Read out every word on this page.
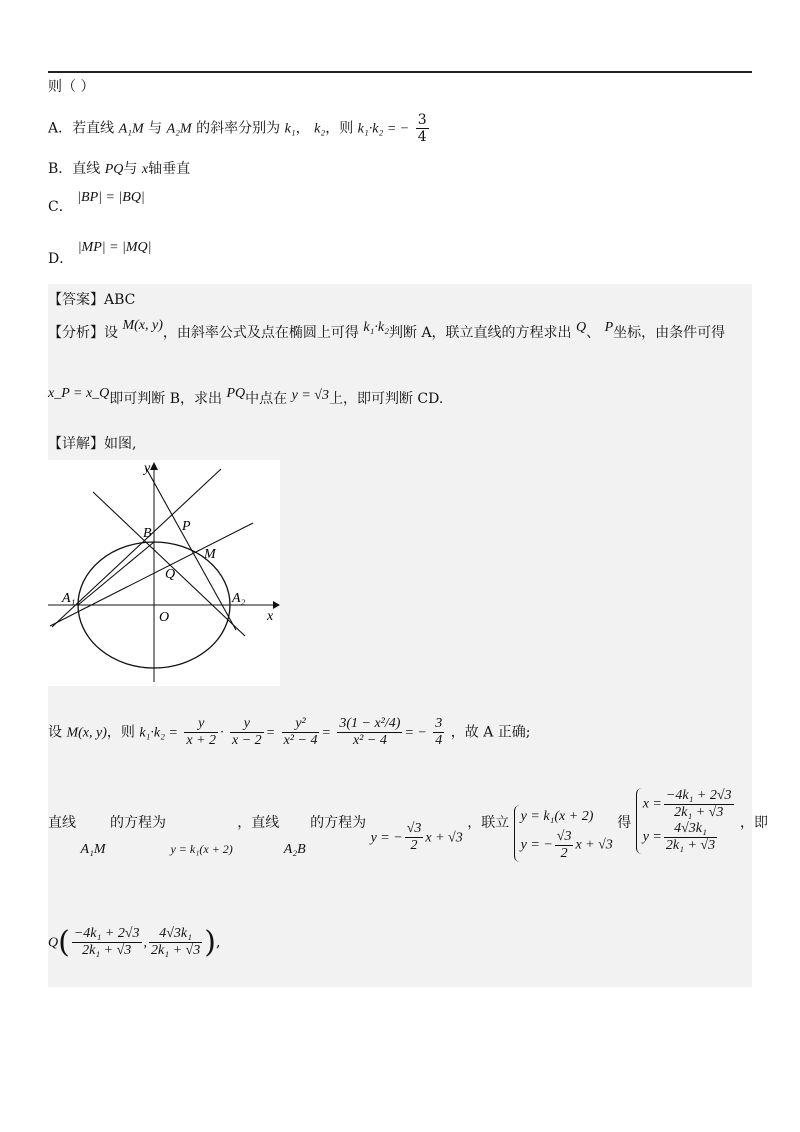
则（ ）
A．若直线 A₁M 与 A₂M 的斜率分别为 k₁， k₂，则 k₁·k₂ = − $\frac{3}{4}$
B．直线 PQ与 x轴垂直
C． |BP| = |BQ|
D． |MP| = |MQ|
【答案】ABC
【分析】设 M(x, y)，由斜率公式及点在椭圆上可得 k₁·k₂判断 A，联立直线的方程求出 Q、 P坐标，由条件可得
x_P = x_Q即可判断 B，求出 PQ中点在 y = √3上，即可判断 CD.
【详解】如图,
y
x
O
B P
M
Q
A₁	A₂
设 M(x, y)，则 $k_1\cdot k_2 = \frac{y}{x + 2} \cdot \frac{y}{x - 2} = \frac{\text{y²}}{\text{x² − 4}} = \frac{\text{3(1 − x²/4)}}{\text{x² − 4}}$ = − $\frac{3}{4}$ ，故 A 正确;
直线 A₁M 的方程为 y = k₁(x + 2) ，直线 A₂B 的方程为 y = − $\frac{√3}{2}$ x + √3 ，联立 y = k₁(x + 2)
y = − $\frac{√3}{2}$ x + √3
得
$x = \frac{\text{−4k₁ + 2√3}}{\text{2k₁ + √3}}$
$y = \frac{\text{4√3k₁}}{\text{2k₁ + √3}}$ ，即
$Q( \frac{\text{−4k₁ + 2√3}}{\text{2k₁ + √3}}$ , $\frac{\text{4√3k₁}}{\text{2k₁ + √3}}$ ),
